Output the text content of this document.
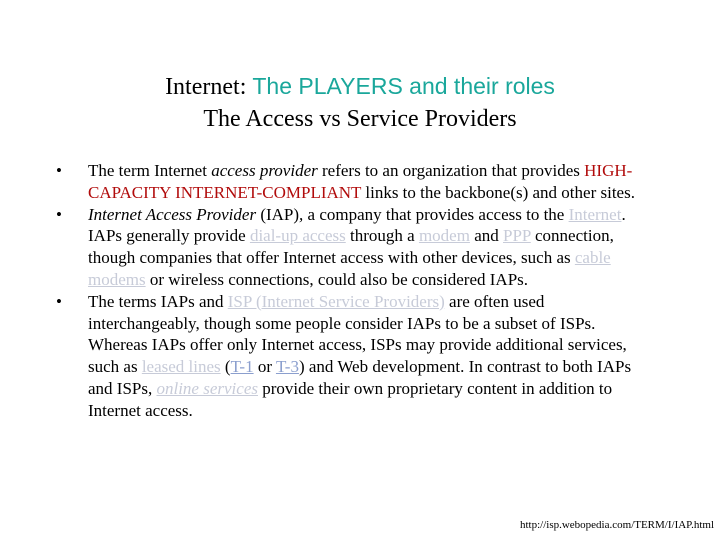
Internet: The PLAYERS and their roles
The Access vs Service Providers
• The term Internet access provider refers to an organization that provides HIGH-CAPACITY INTERNET-COMPLIANT links to the backbone(s) and other sites.
• Internet Access Provider (IAP), a company that provides access to the Internet. IAPs generally provide dial-up access through a modem and PPP connection, though companies that offer Internet access with other devices, such as cable modems or wireless connections, could also be considered IAPs.
• The terms IAPs and ISP (Internet Service Providers) are often used interchangeably, though some people consider IAPs to be a subset of ISPs. Whereas IAPs offer only Internet access, ISPs may provide additional services, such as leased lines (T-1 or T-3) and Web development. In contrast to both IAPs and ISPs, online services provide their own proprietary content in addition to Internet access.
http://isp.webopedia.com/TERM/I/IAP.html
